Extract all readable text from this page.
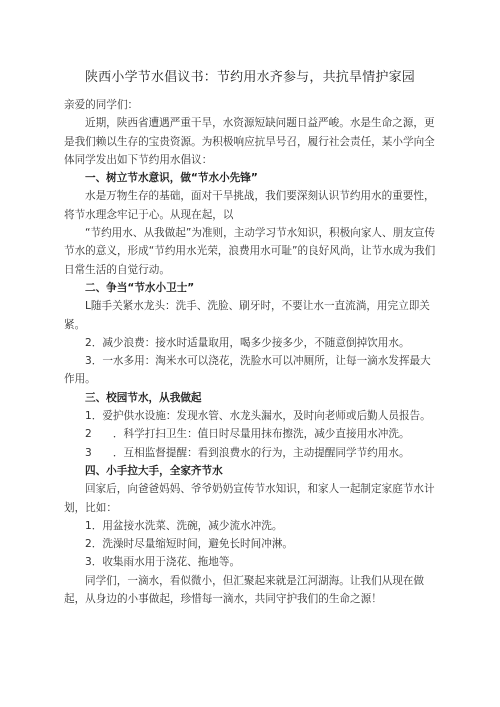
陕西小学节水倡议书：节约用水齐参与，共抗旱情护家园

亲爱的同学们：

近期，陕西省遭遇严重干旱，水资源短缺问题日益严峻。水是生命之源，更是我们赖以生存的宝贵资源。为积极响应抗旱号召，履行社会责任，某小学向全体同学发出如下节约用水倡议：

一、树立节水意识，做“节水小先锋”

水是万物生存的基础，面对干旱挑战，我们要深刻认识节约用水的重要性，将节水理念牢记于心。从现在起，以

“节约用水、从我做起”为准则，主动学习节水知识，积极向家人、朋友宣传节水的意义，形成“节约用水光荣，浪费用水可耻”的良好风尚，让节水成为我们日常生活的自觉行动。

二、争当“节水小卫士”

L随手关紧水龙头：洗手、洗脸、刷牙时，不要让水一直流淌，用完立即关紧。

2．减少浪费：接水时适量取用，喝多少接多少，不随意倒掉饮用水。

3．一水多用：淘米水可以浇花，洗脸水可以冲厕所，让每一滴水发挥最大作用。

三、校园节水，从我做起

1．爱护供水设施：发现水管、水龙头漏水，及时向老师或后勤人员报告。

2　　．科学打扫卫生：值日时尽量用抹布擦洗，减少直接用水冲洗。

3　　．互相监督提醒：看到浪费水的行为，主动提醒同学节约用水。

四、小手拉大手，全家齐节水

回家后，向爸爸妈妈、爷爷奶奶宣传节水知识，和家人一起制定家庭节水计划，比如：

1．用盆接水洗菜、洗碗，减少流水冲洗。

2．洗澡时尽量缩短时间，避免长时间冲淋。

3．收集雨水用于浇花、拖地等。

同学们，一滴水，看似微小，但汇聚起来就是江河湖海。让我们从现在做起，从身边的小事做起，珍惜每一滴水，共同守护我们的生命之源！
